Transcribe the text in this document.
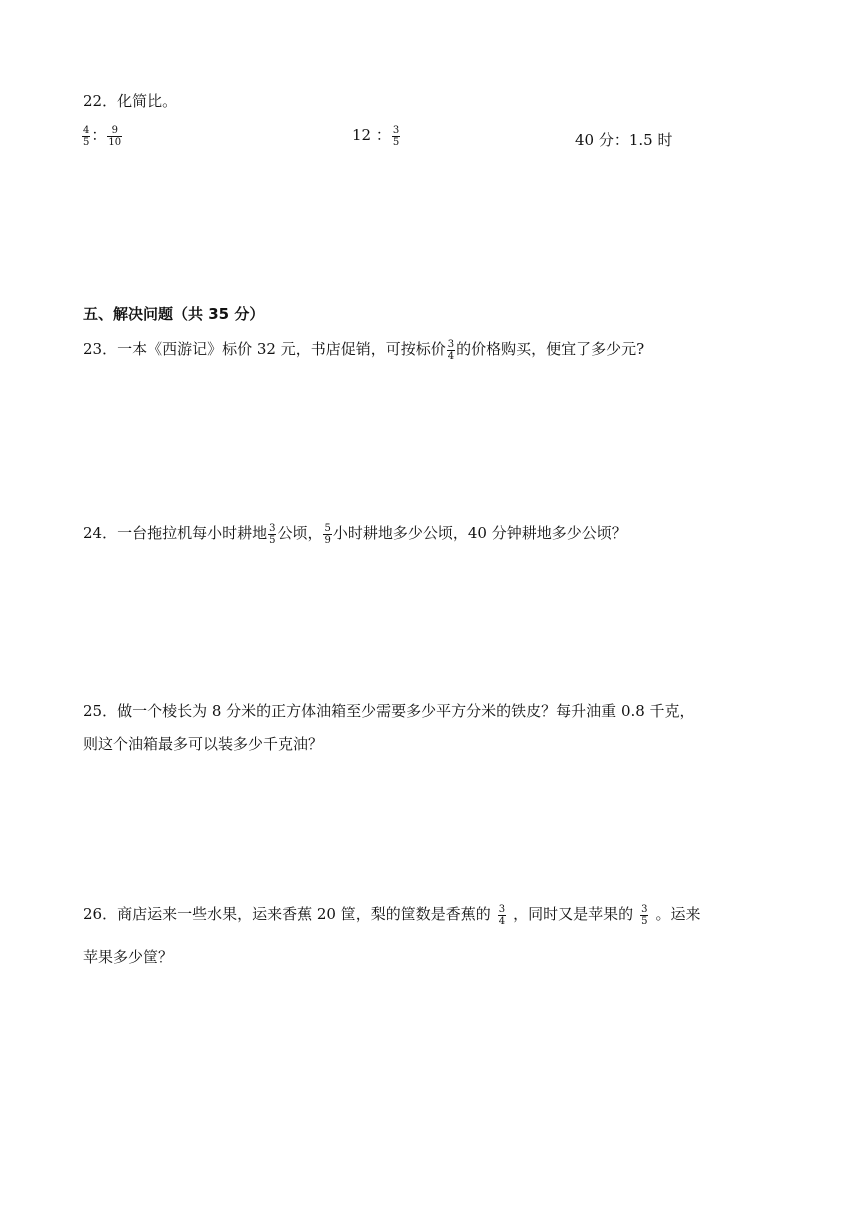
22．化简比。
$\frac{4}{5}$ ： $\frac{9}{10}$	12 ： $\frac{3}{5}$	40 分：1.5 时
五、解决问题（共 35 分）
23．一本《西游记》标价 32 元，书店促销，可按标价 $\frac{3}{4}$ 的价格购买，便宜了多少元?
24．一台拖拉机每小时耕地 $\frac{3}{5}$ 公顷， $\frac{5}{9}$ 小时耕地多少公顷，40 分钟耕地多少公顷？
25．做一个棱长为 8 分米的正方体油箱至少需要多少平方分米的铁皮？每升油重 0.8 千克，
则这个油箱最多可以装多少千克油？
26．商店运来一些水果，运来香蕉 20 筐，梨的筐数是香蕉的 $\frac{3}{4}$ ，同时又是苹果的 $\frac{3}{5}$ 。运来
苹果多少筐？
